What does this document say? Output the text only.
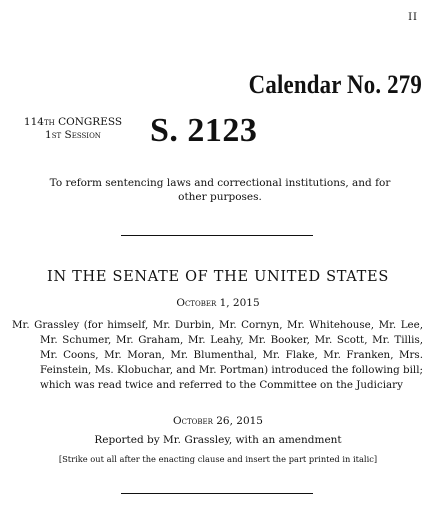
II
Calendar No. 279
114th CONGRESS
1st Session	S. 2123
To reform sentencing laws and correctional institutions, and for other purposes.
IN THE SENATE OF THE UNITED STATES
October 1, 2015

Mr. Grassley (for himself, Mr. Durbin, Mr. Cornyn, Mr. Whitehouse, Mr. Lee, Mr. Schumer, Mr. Graham, Mr. Leahy, Mr. Booker, Mr. Scott, Mr. Tillis, Mr. Coons, Mr. Moran, Mr. Blumenthal, Mr. Flake, Mr. Franken, Mrs. Feinstein, Ms. Klobuchar, and Mr. Portman) introduced the following bill; which was read twice and referred to the Committee on the Judiciary

October 26, 2015
Reported by Mr. Grassley, with an amendment
[Strike out all after the enacting clause and insert the part printed in italic]
